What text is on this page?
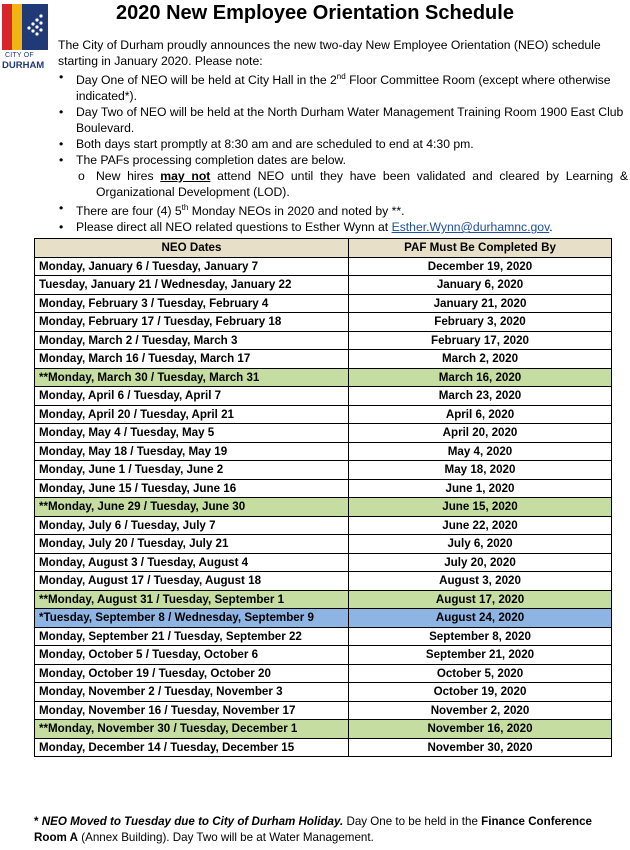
CITY OF
DURHAM
2020 New Employee Orientation Schedule

The City of Durham proudly announces the new two-day New Employee Orientation (NEO) schedule starting in January 2020. Please note:

• Day One of NEO will be held at City Hall in the 2nd Floor Committee Room (except where otherwise indicated*).
• Day Two of NEO will be held at the North Durham Water Management Training Room 1900 East Club Boulevard.
• Both days start promptly at 8:30 am and are scheduled to end at 4:30 pm.
• The PAFs processing completion dates are below.
o New hires may not attend NEO until they have been validated and cleared by Learning & Organizational Development (LOD).
• There are four (4) 5th Monday NEOs in 2020 and noted by **.
• Please direct all NEO related questions to Esther Wynn at Esther.Wynn@durhamnc.gov.
NEO Dates	PAF Must Be Completed By
Monday, January 6 / Tuesday, January 7	December 19, 2020
Tuesday, January 21 / Wednesday, January 22	January 6, 2020
Monday, February 3 / Tuesday, February 4	January 21, 2020
Monday, February 17 / Tuesday, February 18	February 3, 2020
Monday, March 2 / Tuesday, March 3	February 17, 2020
Monday, March 16 / Tuesday, March 17	March 2, 2020
**Monday, March 30 / Tuesday, March 31	March 16, 2020
Monday, April 6 / Tuesday, April 7	March 23, 2020
Monday, April 20 / Tuesday, April 21	April 6, 2020
Monday, May 4 / Tuesday, May 5	April 20, 2020
Monday, May 18 / Tuesday, May 19	May 4, 2020
Monday, June 1 / Tuesday, June 2	May 18, 2020
Monday, June 15 / Tuesday, June 16	June 1, 2020
**Monday, June 29 / Tuesday, June 30	June 15, 2020
Monday, July 6 / Tuesday, July 7	June 22, 2020
Monday, July 20 / Tuesday, July 21	July 6, 2020
Monday, August 3 / Tuesday, August 4	July 20, 2020
Monday, August 17 / Tuesday, August 18	August 3, 2020
**Monday, August 31 / Tuesday, September 1	August 17, 2020
*Tuesday, September 8 / Wednesday, September 9	August 24, 2020
Monday, September 21 / Tuesday, September 22	September 8, 2020
Monday, October 5 / Tuesday, October 6	September 21, 2020
Monday, October 19 / Tuesday, October 20	October 5, 2020
Monday, November 2 / Tuesday, November 3	October 19, 2020
Monday, November 16 / Tuesday, November 17	November 2, 2020
**Monday, November 30 / Tuesday, December 1	November 16, 2020
Monday, December 14 / Tuesday, December 15	November 30, 2020

* NEO Moved to Tuesday due to City of Durham Holiday. Day One to be held in the Finance Conference Room A (Annex Building). Day Two will be at Water Management.
